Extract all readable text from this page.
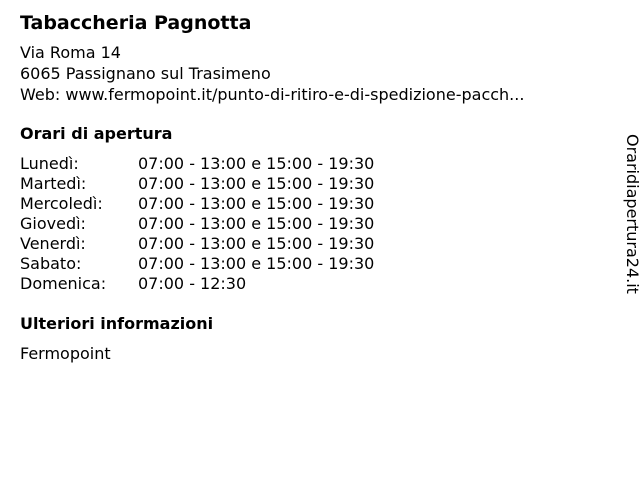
Tabaccheria Pagnotta
Via Roma 14
6065 Passignano sul Trasimeno
Web: www.fermopoint.it/punto-di-ritiro-e-di-spedizione-pacch...
Orari di apertura
Lunedì:	07:00 - 13:00 e 15:00 - 19:30
Martedì:	07:00 - 13:00 e 15:00 - 19:30
Mercoledì: 07:00 - 13:00 e 15:00 - 19:30
Giovedì:	07:00 - 13:00 e 15:00 - 19:30
Venerdì:	07:00 - 13:00 e 15:00 - 19:30
Sabato:	07:00 - 13:00 e 15:00 - 19:30
Domenica: 07:00 - 12:30
Ulteriori informazioni
Fermopoint
Oraridiapertura24.it
